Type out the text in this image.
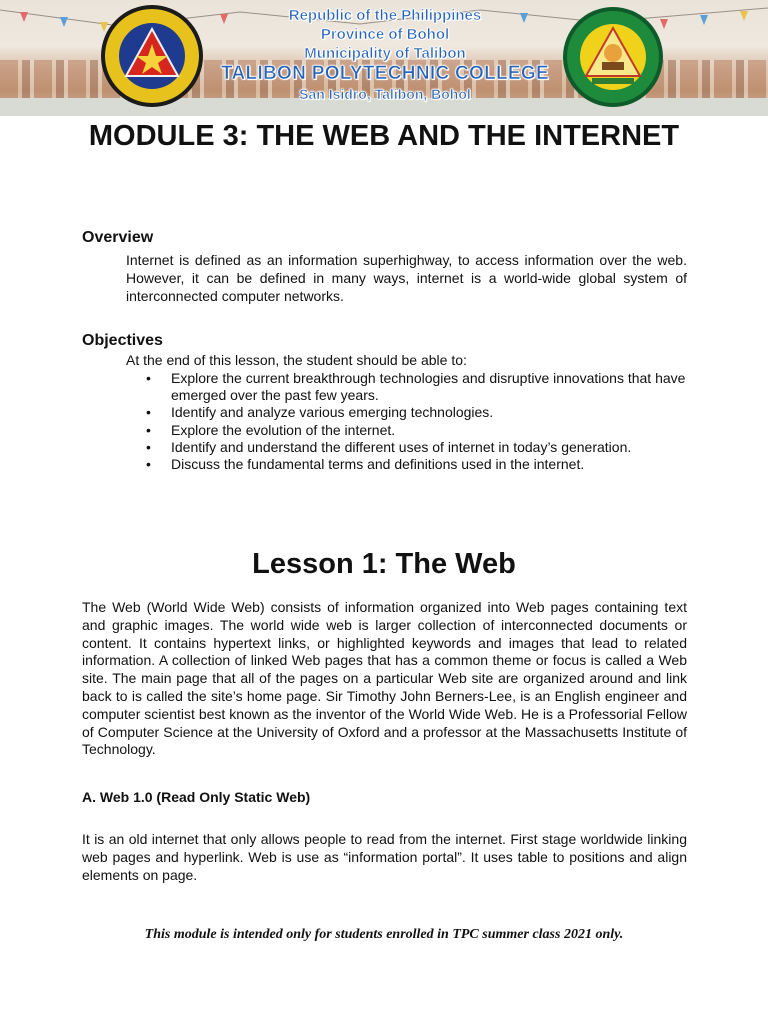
Republic of the Philippines
Province of Bohol
Municipality of Talibon
TALIBON POLYTECHNIC COLLEGE
San Isidro, Talibon, Bohol
MODULE 3: THE WEB AND THE INTERNET
Overview

Internet is defined as an information superhighway, to access information over the web. However, it can be defined in many ways, internet is a world-wide global system of interconnected computer networks.

Objectives

At the end of this lesson, the student should be able to:

• Explore the current breakthrough technologies and disruptive innovations that have emerged over the past few years.
• Identify and analyze various emerging technologies.
• Explore the evolution of the internet.
• Identify and understand the different uses of internet in today’s generation.
• Discuss the fundamental terms and definitions used in the internet.
Lesson 1: The Web

The Web (World Wide Web) consists of information organized into Web pages containing text and graphic images. The world wide web is larger collection of interconnected documents or content. It contains hypertext links, or highlighted keywords and images that lead to related information. A collection of linked Web pages that has a common theme or focus is called a Web site. The main page that all of the pages on a particular Web site are organized around and link back to is called the site’s home page. Sir Timothy John Berners-Lee, is an English engineer and computer scientist best known as the inventor of the World Wide Web. He is a Professorial Fellow of Computer Science at the University of Oxford and a professor at the Massachusetts Institute of Technology.

A. Web 1.0 (Read Only Static Web)

It is an old internet that only allows people to read from the internet. First stage worldwide linking web pages and hyperlink. Web is use as “information portal”. It uses table to positions and align elements on page.

This module is intended only for students enrolled in TPC summer class 2021 only.
